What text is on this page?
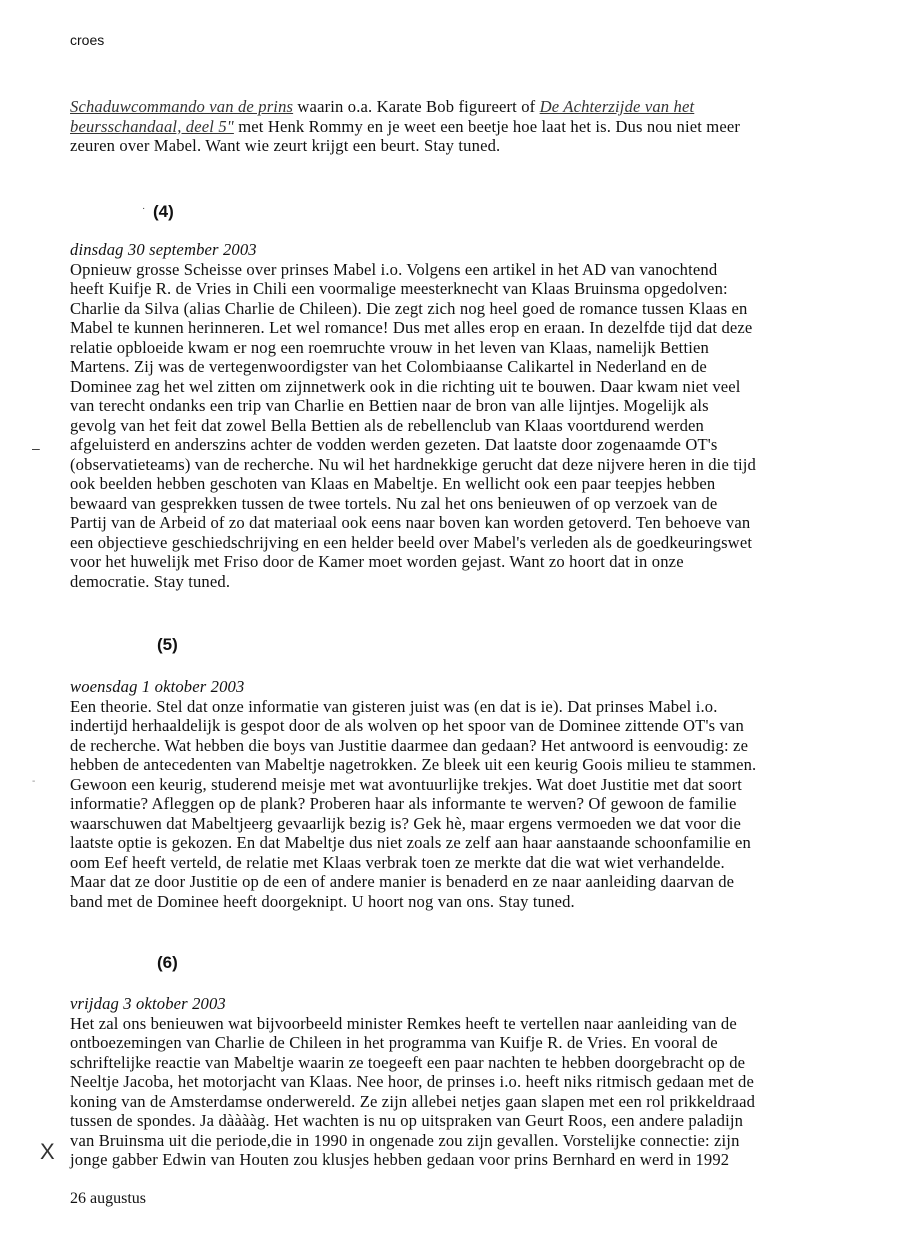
croes
Schaduwcommando van de prins waarin o.a. Karate Bob figureert of De Achterzijde van het
beursschandaal, deel 5" met Henk Rommy en je weet een beetje hoe laat het is. Dus nou niet meer
zeuren over Mabel. Want wie zeurt krijgt een beurt. Stay tuned.
· (4)
dinsdag 30 september 2003
Opnieuw grosse Scheisse over prinses Mabel i.o. Volgens een artikel in het AD van vanochtend
heeft Kuifje R. de Vries in Chili een voormalige meesterknecht van Klaas Bruinsma opgedolven:
Charlie da Silva (alias Charlie de Chileen). Die zegt zich nog heel goed de romance tussen Klaas en
Mabel te kunnen herinneren. Let wel romance! Dus met alles erop en eraan. In dezelfde tijd dat deze
relatie opbloeide kwam er nog een roemruchte vrouw in het leven van Klaas, namelijk Bettien
Martens. Zij was de vertegenwoordigster van het Colombiaanse Calikartel in Nederland en de
Dominee zag het wel zitten om zijnnetwerk ook in die richting uit te bouwen. Daar kwam niet veel
van terecht ondanks een trip van Charlie en Bettien naar de bron van alle lijntjes. Mogelijk als
gevolg van het feit dat zowel Bella Bettien als de rebellenclub van Klaas voortdurend werden
afgeluisterd en anderszins achter de vodden werden gezeten. Dat laatste door zogenaamde OT's
(observatieteams) van de recherche. Nu wil het hardnekkige gerucht dat deze nijvere heren in die tijd
ook beelden hebben geschoten van Klaas en Mabeltje. En wellicht ook een paar teepjes hebben
bewaard van gesprekken tussen de twee tortels. Nu zal het ons benieuwen of op verzoek van de
Partij van de Arbeid of zo dat materiaal ook eens naar boven kan worden getoverd. Ten behoeve van
een objectieve geschiedschrijving en een helder beeld over Mabel's verleden als de goedkeuringswet
voor het huwelijk met Friso door de Kamer moet worden gejast. Want zo hoort dat in onze
democratie. Stay tuned.
(5)
woensdag 1 oktober 2003
Een theorie. Stel dat onze informatie van gisteren juist was (en dat is ie). Dat prinses Mabel i.o.
indertijd herhaaldelijk is gespot door de als wolven op het spoor van de Dominee zittende OT's van
de recherche. Wat hebben die boys van Justitie daarmee dan gedaan? Het antwoord is eenvoudig: ze
hebben de antecedenten van Mabeltje nagetrokken. Ze bleek uit een keurig Goois milieu te stammen.
Gewoon een keurig, studerend meisje met wat avontuurlijke trekjes. Wat doet Justitie met dat soort
informatie? Afleggen op de plank? Proberen haar als informante te werven? Of gewoon de familie
waarschuwen dat Mabeltjeerg gevaarlijk bezig is? Gek hè, maar ergens vermoeden we dat voor die
laatste optie is gekozen. En dat Mabeltje dus niet zoals ze zelf aan haar aanstaande schoonfamilie en
oom Eef heeft verteld, de relatie met Klaas verbrak toen ze merkte dat die wat wiet verhandelde.
Maar dat ze door Justitie op de een of andere manier is benaderd en ze naar aanleiding daarvan de
band met de Dominee heeft doorgeknipt. U hoort nog van ons. Stay tuned.
(6)
vrijdag 3 oktober 2003
Het zal ons benieuwen wat bijvoorbeeld minister Remkes heeft te vertellen naar aanleiding van de
ontboezemingen van Charlie de Chileen in het programma van Kuifje R. de Vries. En vooral de
schriftelijke reactie van Mabeltje waarin ze toegeeft een paar nachten te hebben doorgebracht op de
Neeltje Jacoba, het motorjacht van Klaas. Nee hoor, de prinses i.o. heeft niks ritmisch gedaan met de
koning van de Amsterdamse onderwereld. Ze zijn allebei netjes gaan slapen met een rol prikkeldraad
tussen de spondes. Ja dààààg. Het wachten is nu op uitspraken van Geurt Roos, een andere paladijn
van Bruinsma uit die periode,die in 1990 in ongenade zou zijn gevallen. Vorstelijke connectie: zijn
jonge gabber Edwin van Houten zou klusjes hebben gedaan voor prins Bernhard en werd in 1992
–
-
X
26 augustus
